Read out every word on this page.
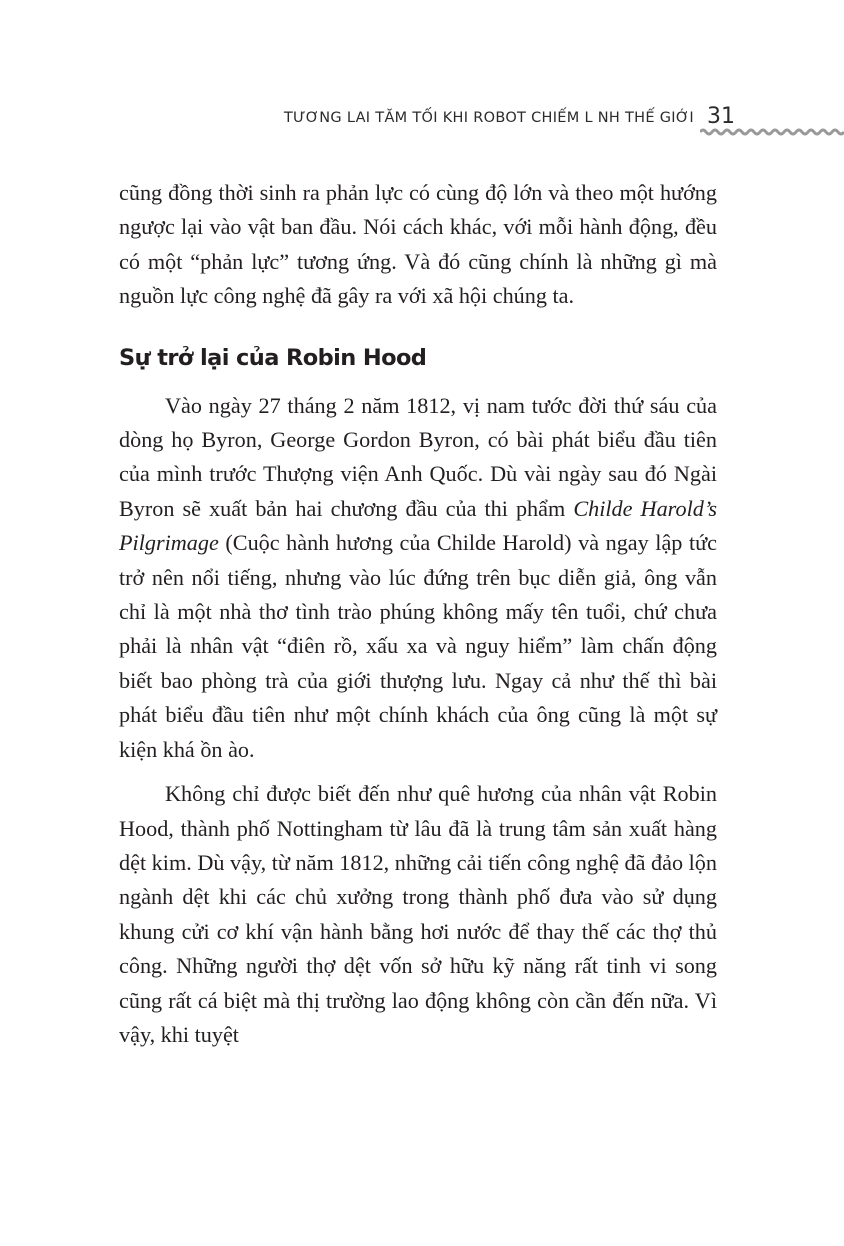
TƯƠNG LAI TĂM TỐI KHI ROBOT CHIẾM L NH THẾ GIỚI 31

cũng đồng thời sinh ra phản lực có cùng độ lớn và theo một hướng ngược lại vào vật ban đầu. Nói cách khác, với mỗi hành động, đều có một “phản lực” tương ứng. Và đó cũng chính là những gì mà nguồn lực công nghệ đã gây ra với xã hội chúng ta.

Sự trở lại của Robin Hood

Vào ngày 27 tháng 2 năm 1812, vị nam tước đời thứ sáu của dòng họ Byron, George Gordon Byron, có bài phát biểu đầu tiên của mình trước Thượng viện Anh Quốc. Dù vài ngày sau đó Ngài Byron sẽ xuất bản hai chương đầu của thi phẩm Childe Harold’s Pilgrimage (Cuộc hành hương của Childe Harold) và ngay lập tức trở nên nổi tiếng, nhưng vào lúc đứng trên bục diễn giả, ông vẫn chỉ là một nhà thơ tình trào phúng không mấy tên tuổi, chứ chưa phải là nhân vật “điên rồ, xấu xa và nguy hiểm” làm chấn động biết bao phòng trà của giới thượng lưu. Ngay cả như thế thì bài phát biểu đầu tiên như một chính khách của ông cũng là một sự kiện khá ồn ào.

Không chỉ được biết đến như quê hương của nhân vật Robin Hood, thành phố Nottingham từ lâu đã là trung tâm sản xuất hàng dệt kim. Dù vậy, từ năm 1812, những cải tiến công nghệ đã đảo lộn ngành dệt khi các chủ xưởng trong thành phố đưa vào sử dụng khung cửi cơ khí vận hành bằng hơi nước để thay thế các thợ thủ công. Những người thợ dệt vốn sở hữu kỹ năng rất tinh vi song cũng rất cá biệt mà thị trường lao động không còn cần đến nữa. Vì vậy, khi tuyệt
